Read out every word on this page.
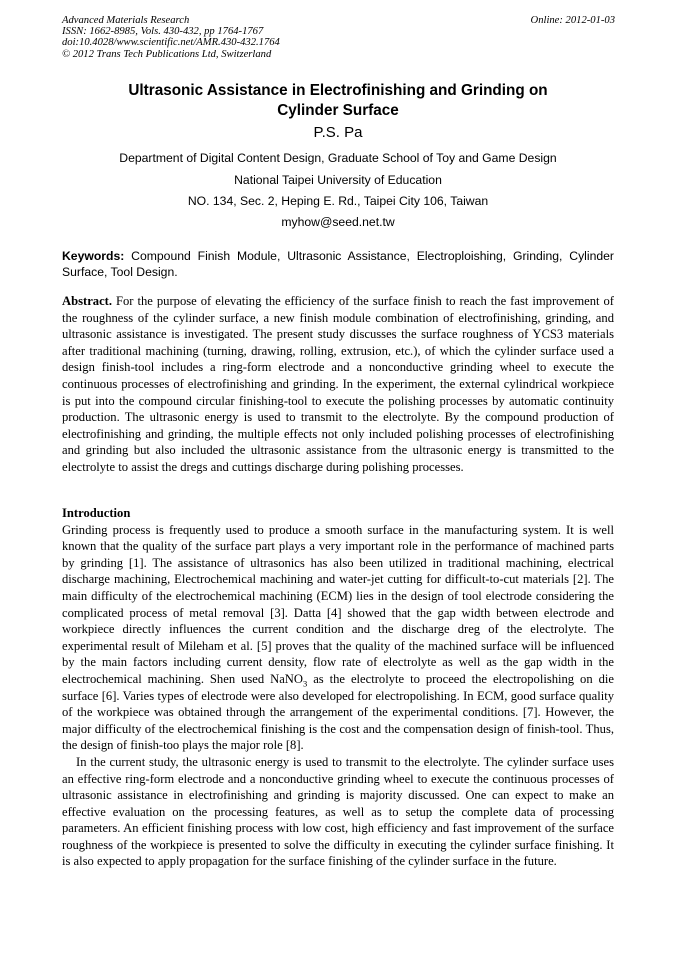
Advanced Materials Research
ISSN: 1662-8985, Vols. 430-432, pp 1764-1767
doi:10.4028/www.scientific.net/AMR.430-432.1764
© 2012 Trans Tech Publications Ltd, Switzerland
Online: 2012-01-03
Ultrasonic Assistance in Electrofinishing and Grinding on Cylinder Surface
P.S. Pa
Department of Digital Content Design, Graduate School of Toy and Game Design
National Taipei University of Education
NO. 134, Sec. 2, Heping E. Rd., Taipei City 106, Taiwan
myhow@seed.net.tw
Keywords: Compound Finish Module, Ultrasonic Assistance, Electroploishing, Grinding, Cylinder Surface, Tool Design.

Abstract. For the purpose of elevating the efficiency of the surface finish to reach the fast improvement of the roughness of the cylinder surface, a new finish module combination of electrofinishing, grinding, and ultrasonic assistance is investigated. The present study discusses the surface roughness of YCS3 materials after traditional machining (turning, drawing, rolling, extrusion, etc.), of which the cylinder surface used a design finish-tool includes a ring-form electrode and a nonconductive grinding wheel to execute the continuous processes of electrofinishing and grinding. In the experiment, the external cylindrical workpiece is put into the compound circular finishing-tool to execute the polishing processes by automatic continuity production. The ultrasonic energy is used to transmit to the electrolyte. By the compound production of electrofinishing and grinding, the multiple effects not only included polishing processes of electrofinishing and grinding but also included the ultrasonic assistance from the ultrasonic energy is transmitted to the electrolyte to assist the dregs and cuttings discharge during polishing processes.

Introduction

Grinding process is frequently used to produce a smooth surface in the manufacturing system. It is well known that the quality of the surface part plays a very important role in the performance of machined parts by grinding [1]. The assistance of ultrasonics has also been utilized in traditional machining, electrical discharge machining, Electrochemical machining and water-jet cutting for difficult-to-cut materials [2]. The main difficulty of the electrochemical machining (ECM) lies in the design of tool electrode considering the complicated process of metal removal [3]. Datta [4] showed that the gap width between electrode and workpiece directly influences the current condition and the discharge dreg of the electrolyte. The experimental result of Mileham et al. [5] proves that the quality of the machined surface will be influenced by the main factors including current density, flow rate of electrolyte as well as the gap width in the electrochemical machining. Shen used NaNO$_3$ as the electrolyte to proceed the electropolishing on die surface [6]. Varies types of electrode were also developed for electropolishing. In ECM, good surface quality of the workpiece was obtained through the arrangement of the experimental conditions. [7]. However, the major difficulty of the electrochemical finishing is the cost and the compensation design of finish-tool. Thus, the design of finish-too plays the major role [8].

In the current study, the ultrasonic energy is used to transmit to the electrolyte. The cylinder surface uses an effective ring-form electrode and a nonconductive grinding wheel to execute the continuous processes of ultrasonic assistance in electrofinishing and grinding is majority discussed. One can expect to make an effective evaluation on the processing features, as well as to setup the complete data of processing parameters. An efficient finishing process with low cost, high efficiency and fast improvement of the surface roughness of the workpiece is presented to solve the difficulty in executing the cylinder surface finishing. It is also expected to apply propagation for the surface finishing of the cylinder surface in the future.
